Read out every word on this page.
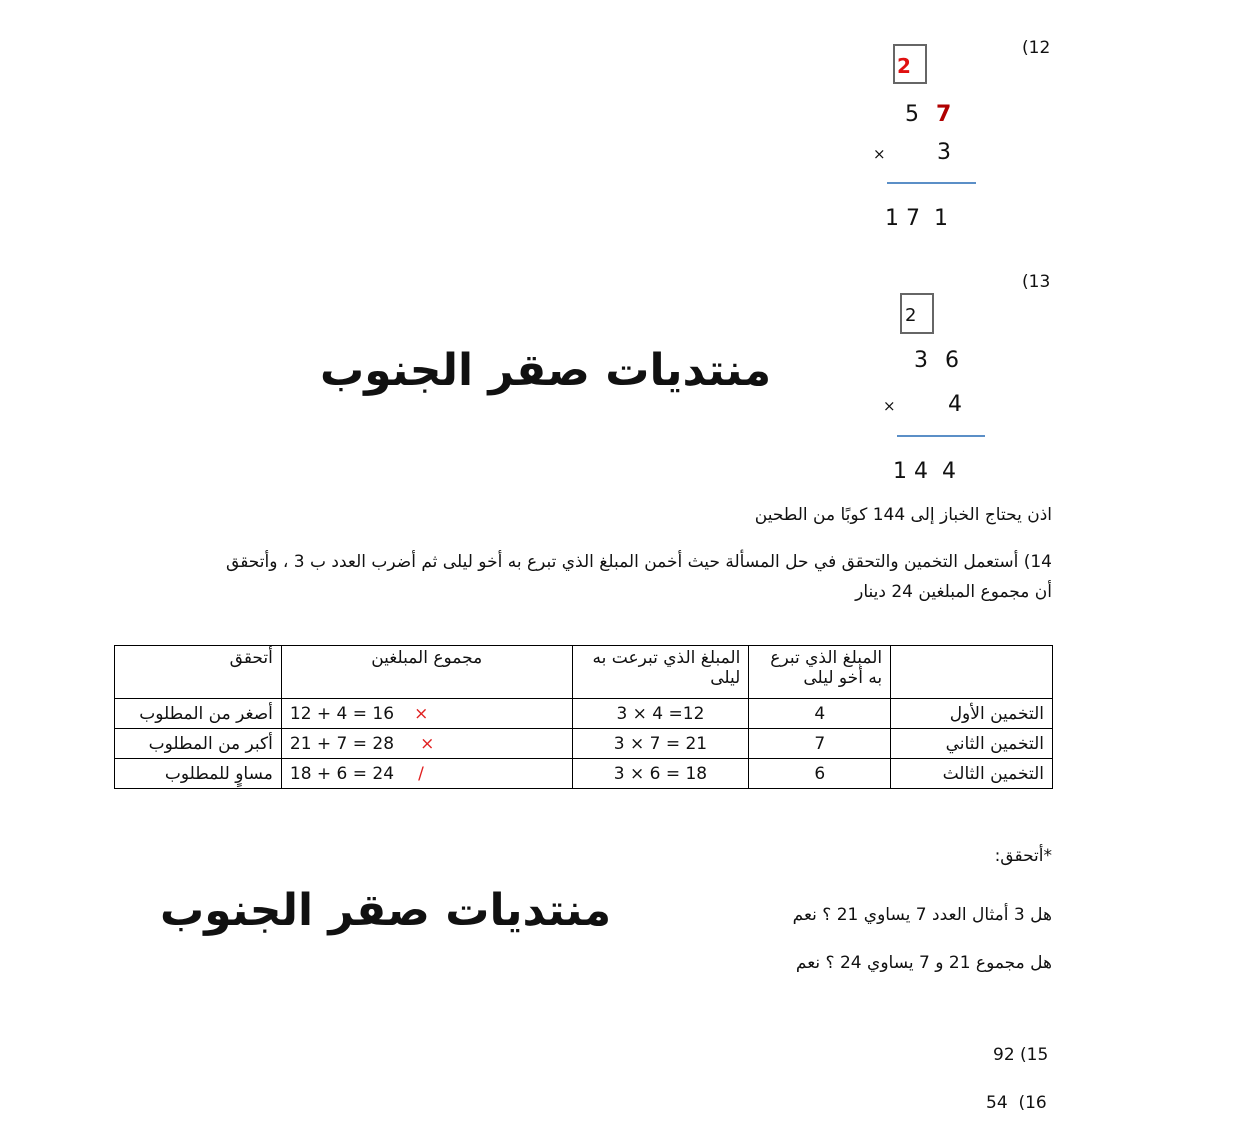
(12
2
5 7
× 3
1 7  1
(13
2
3 6
× 4
1 4  4
منتديات صقر الجنوب
اذن يحتاج الخباز إلى 144 كوبًا من الطحين
14) أستعمل التخمين والتحقق في حل المسألة حيث أخمن المبلغ الذي تبرع به أخو ليلى ثم أضرب العدد ب 3 ، وأتحقق
أن مجموع المبلغين 24 دينار
	المبلغ الذي تبرع به أخو ليلى	المبلغ الذي تبرعت به ليلى	مجموع المبلغين	أتحقق
التخمين الأول	4	3 × 4 =12	12 + 4 = 16 ×	أصغر من المطلوب
التخمين الثاني	7	3 × 7 = 21	21 + 7 = 28 ×	أكبر من المطلوب
التخمين الثالث	6	3 × 6 = 18	18 + 6 = 24 /	مساوٍ للمطلوب
*أتحقق:
منتديات صقر الجنوب	هل 3 أمثال العدد 7 يساوي 21 ؟ نعم
هل مجموع 21 و 7 يساوي 24 ؟ نعم
92 (15
54  (16
